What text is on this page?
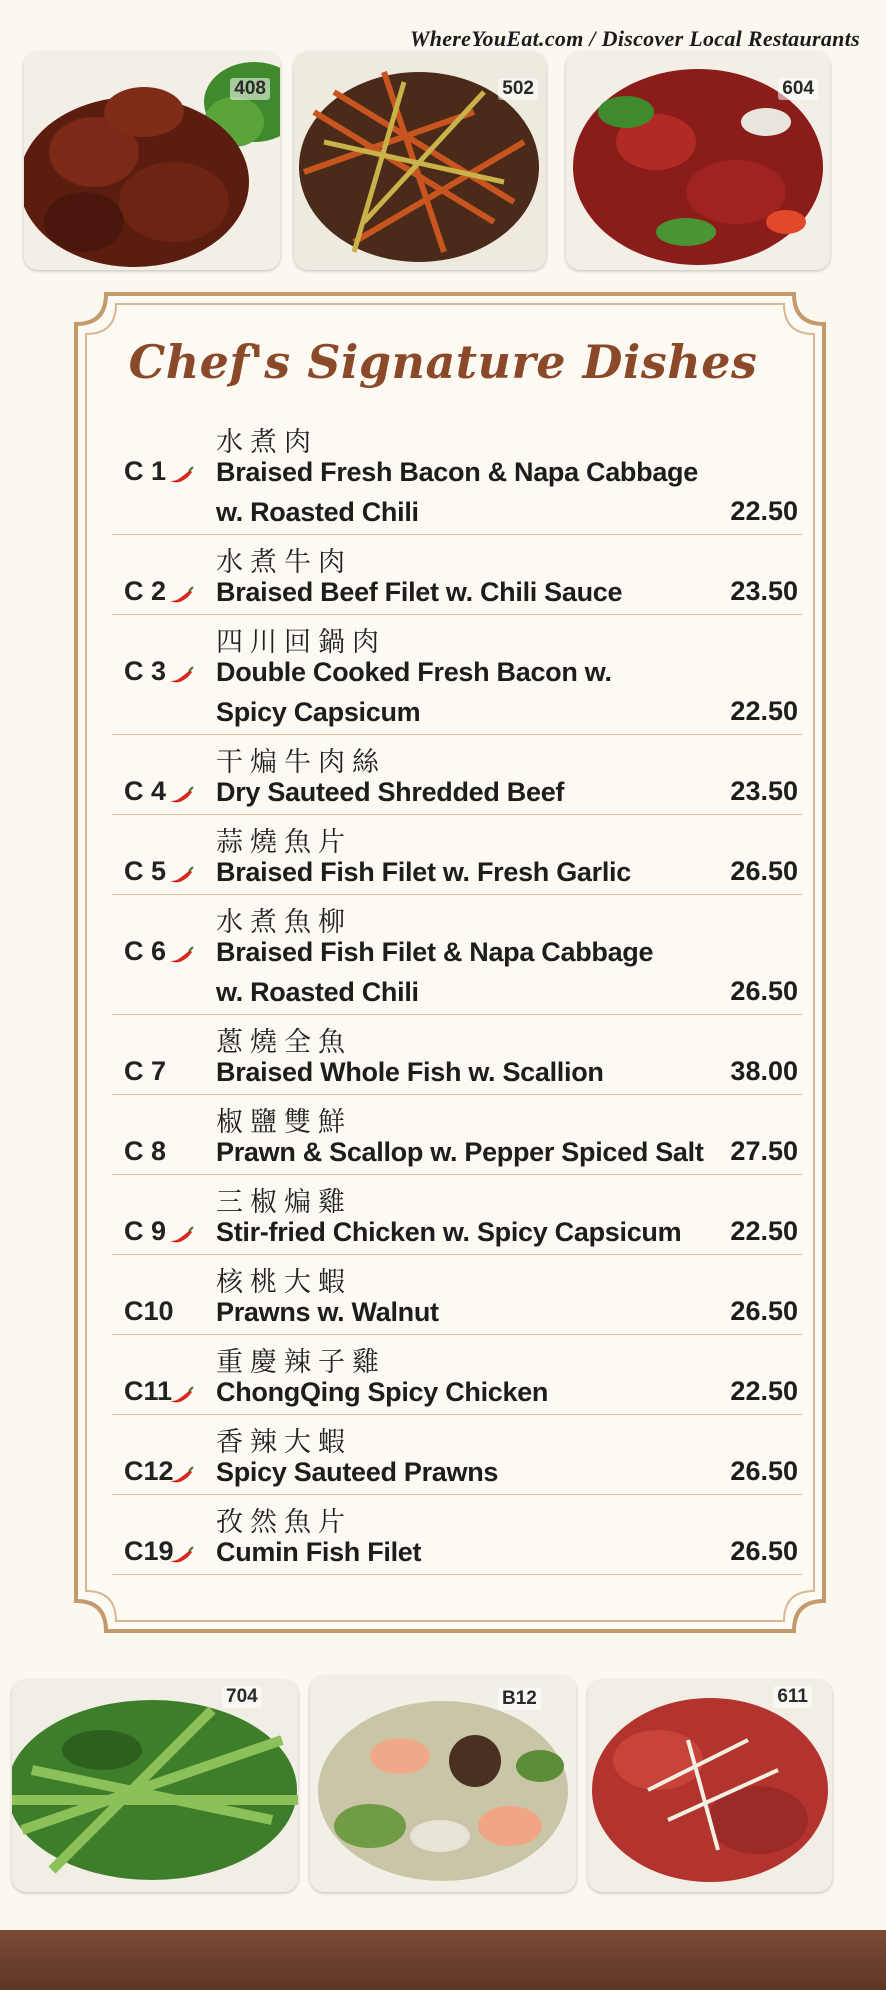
WhereYouEat.com / Discover Local Restaurants
408	502	604
Chef's Signature Dishes
水煮肉
C 1 Braised Fresh Bacon & Napa Cabbage
w. Roasted Chili	22.50
水煮牛肉
C 2 Braised Beef Filet w. Chili Sauce	23.50
四川回鍋肉
C 3 Double Cooked Fresh Bacon w.
Spicy Capsicum	22.50
干煸牛肉絲
C 4 Dry Sauteed Shredded Beef	23.50
蒜燒魚片
C 5 Braised Fish Filet w. Fresh Garlic	26.50
水煮魚柳
C 6 Braised Fish Filet & Napa Cabbage
w. Roasted Chili	26.50
蔥燒全魚
C 7 Braised Whole Fish w. Scallion	38.00
椒鹽雙鮮
C 8 Prawn & Scallop w. Pepper Spiced Salt 27.50
三椒煸雞
C 9 Stir-fried Chicken w. Spicy Capsicum 22.50
核桃大蝦
C10 Prawns w. Walnut	26.50
重慶辣子雞
C11 ChongQing Spicy Chicken	22.50
香辣大蝦
C12 Spicy Sauteed Prawns	26.50
孜然魚片
C19 Cumin Fish Filet	26.50
704	B12	611
